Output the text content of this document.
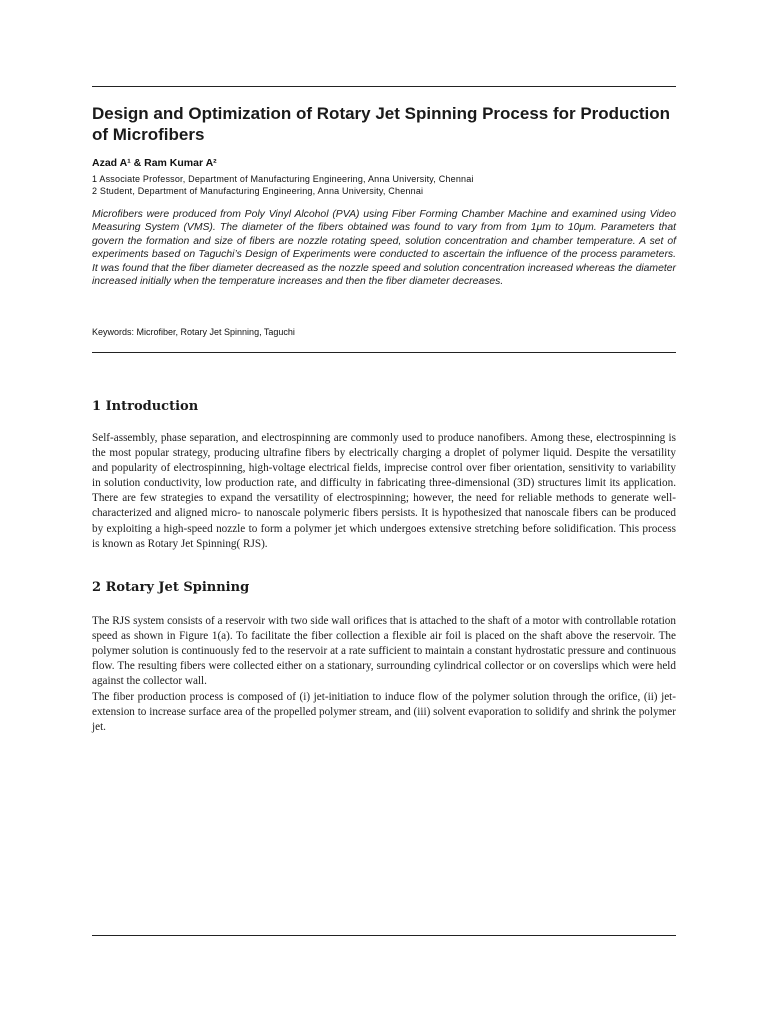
Design and Optimization of Rotary Jet Spinning Process for Production of Microfibers
Azad A¹ & Ram Kumar A²
1 Associate Professor, Department of Manufacturing Engineering, Anna University, Chennai
2 Student, Department of Manufacturing Engineering, Anna University, Chennai

Microfibers were produced from Poly Vinyl Alcohol (PVA) using Fiber Forming Chamber Machine and examined using Video Measuring System (VMS). The diameter of the fibers obtained was found to vary from from 1μm to 10μm. Parameters that govern the formation and size of fibers are nozzle rotating speed, solution concentration and chamber temperature. A set of experiments based on Taguchi’s Design of Experiments were conducted to ascertain the influence of the process parameters. It was found that the fiber diameter decreased as the nozzle speed and solution concentration increased whereas the diameter increased initially when the temperature increases and then the fiber diameter decreases.

Keywords: Microfiber, Rotary Jet Spinning, Taguchi
1 Introduction

Self-assembly, phase separation, and electrospinning are commonly used to produce nanofibers. Among these, electrospinning is the most popular strategy, producing ultrafine fibers by electrically charging a droplet of polymer liquid. Despite the versatility and popularity of electrospinning, high-voltage electrical fields, imprecise control over fiber orientation, sensitivity to variability in solution conductivity, low production rate, and difficulty in fabricating three-dimensional (3D) structures limit its application. There are few strategies to expand the versatility of electrospinning; however, the need for reliable methods to generate well-characterized and aligned micro- to nanoscale polymeric fibers persists. It is hypothesized that nanoscale fibers can be produced by exploiting a high-speed nozzle to form a polymer jet which undergoes extensive stretching before solidification. This process is known as Rotary Jet Spinning( RJS).

2 Rotary Jet Spinning

The RJS system consists of a reservoir with two side wall orifices that is attached to the shaft of a motor with controllable rotation speed as shown in Figure 1(a). To facilitate the fiber collection a flexible air foil is placed on the shaft above the reservoir. The polymer solution is continuously fed to the reservoir at a rate sufficient to maintain a constant hydrostatic pressure and continuous flow. The resulting fibers were collected either on a stationary, surrounding cylindrical collector or on coverslips which were held against the collector wall.

The fiber production process is composed of (i) jet-initiation to induce flow of the polymer solution through the orifice, (ii) jet-extension to increase surface area of the propelled polymer stream, and (iii) solvent evaporation to solidify and shrink the polymer jet.
